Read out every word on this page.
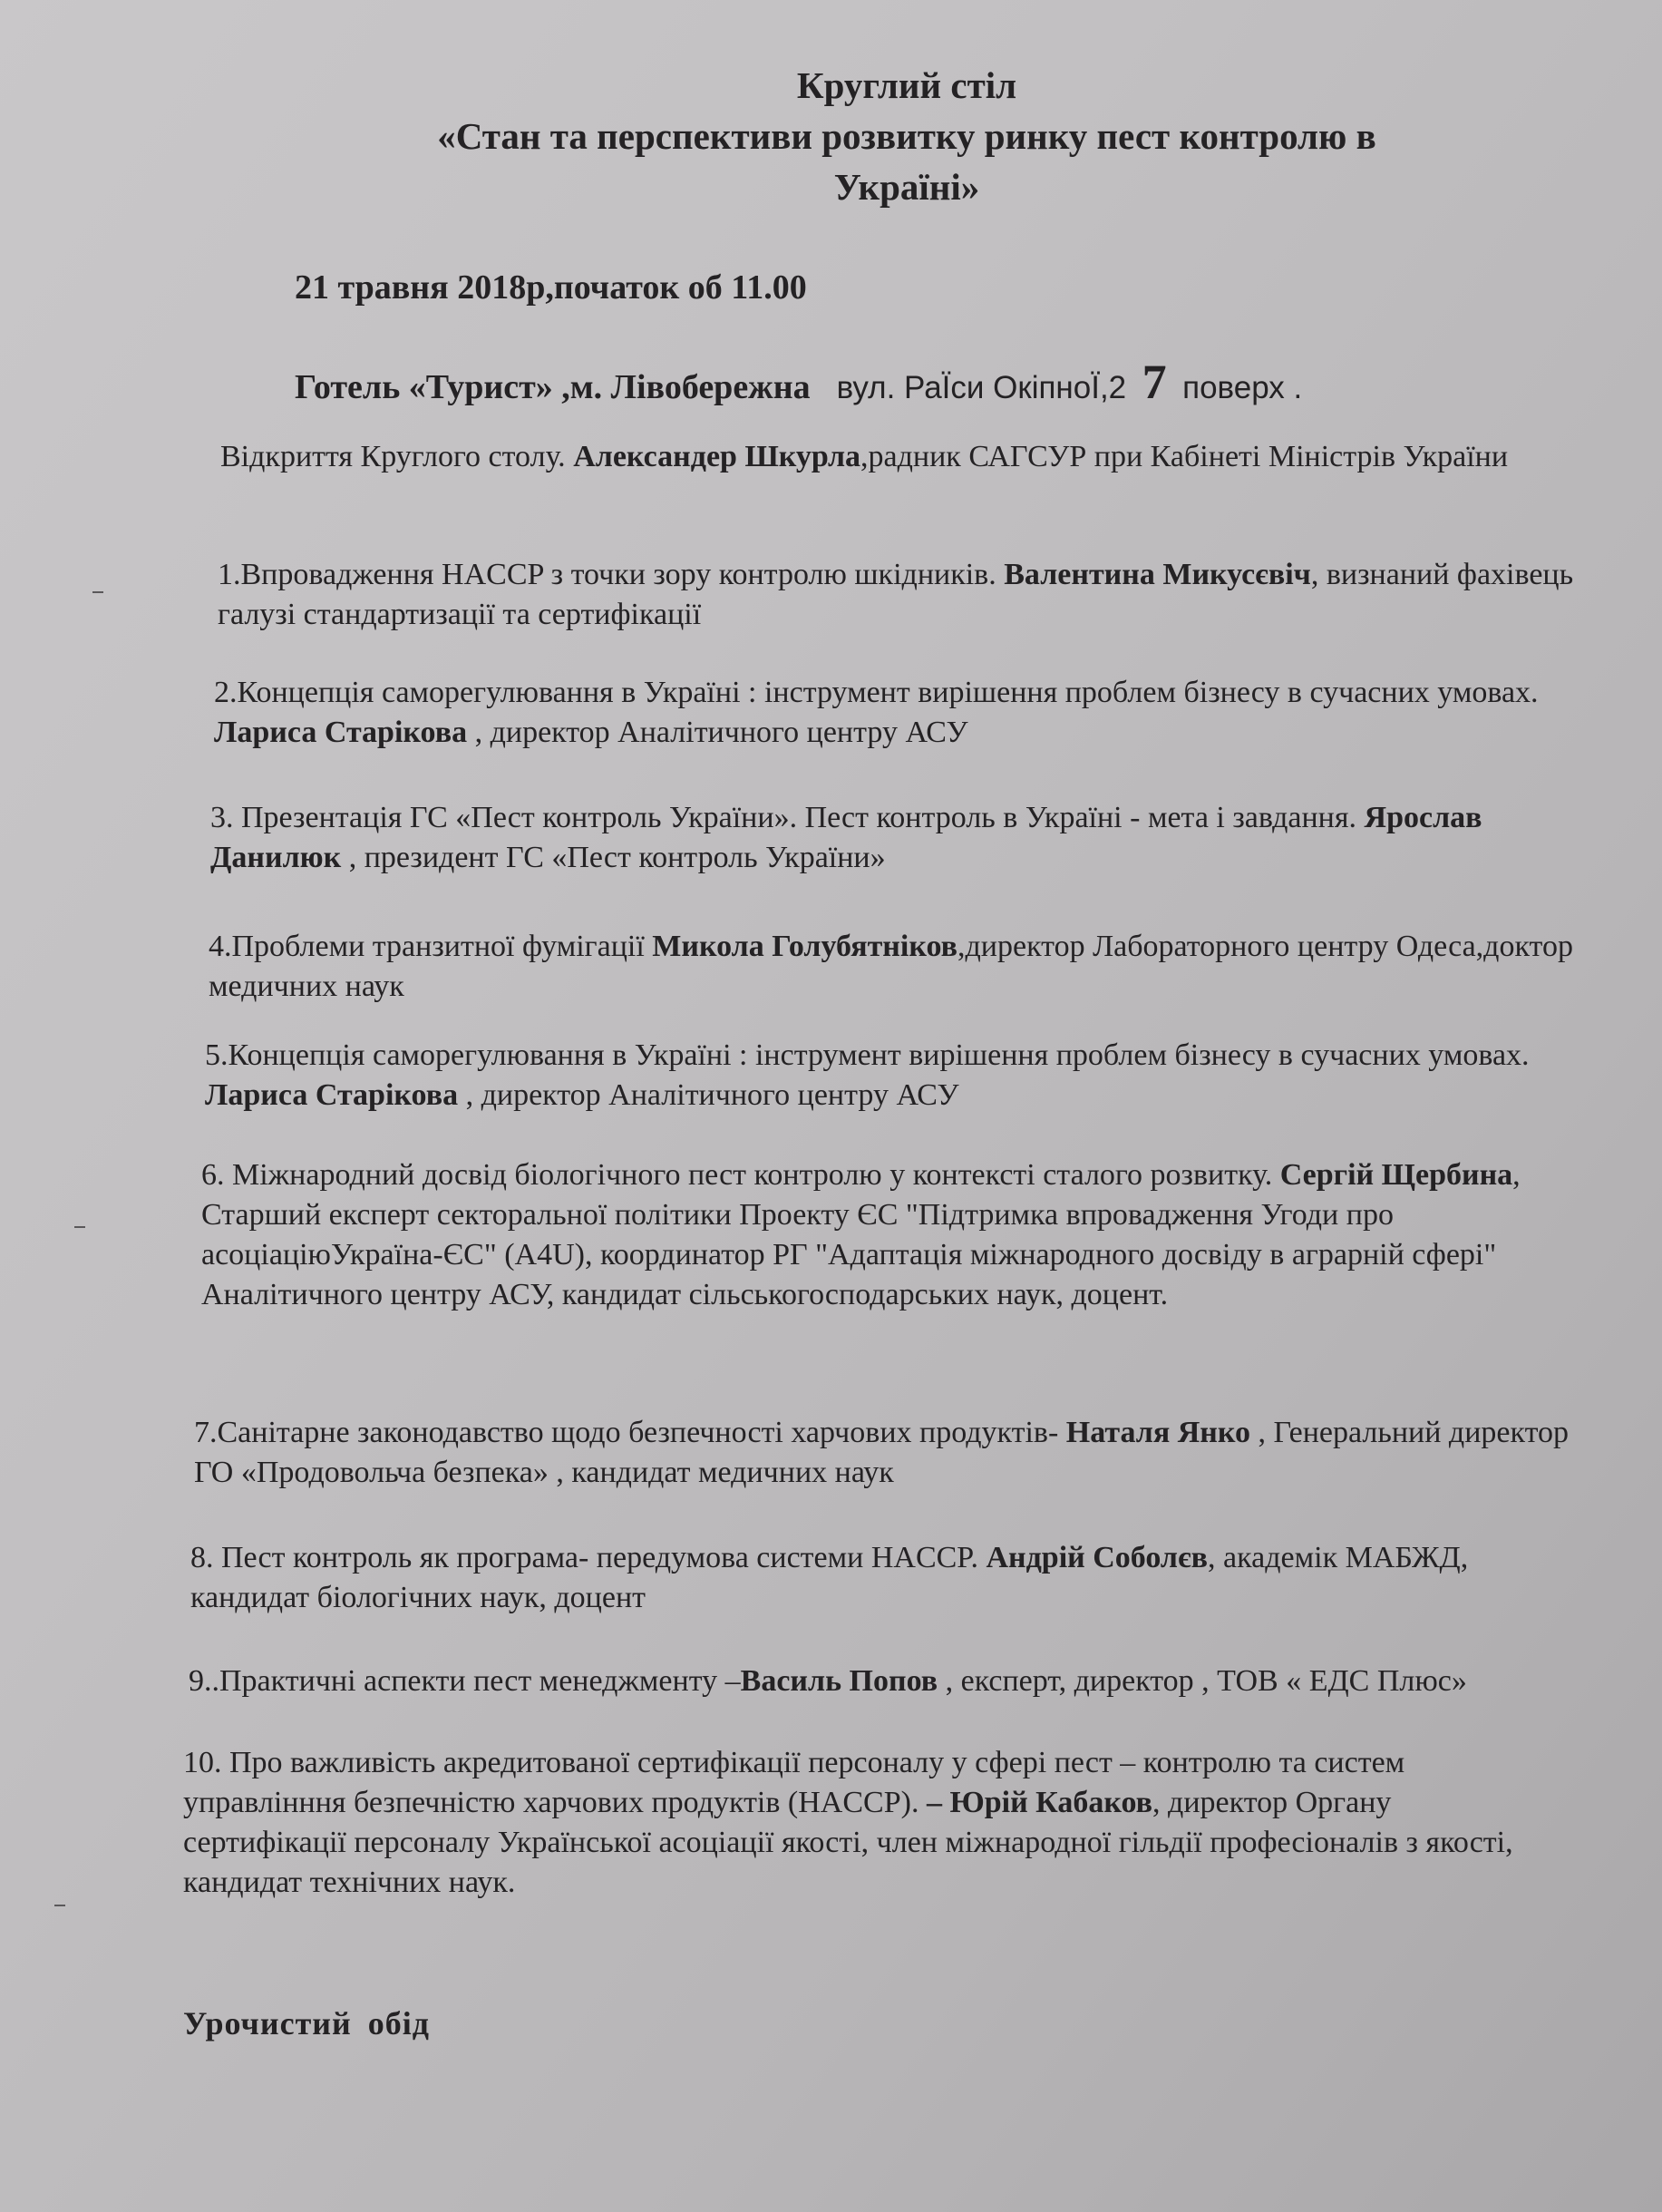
Круглий стіл
«Стан та перспективи розвитку ринку пест контролю в
Україні»
21 травня 2018р,початок об 11.00
Готель «Турист» ,м. Лівобережна вул. РаЇси ОкіпноЇ,2 7 поверх .
Відкриття Круглого столу. Александер Шкурла,радник САГСУР при Кабінеті Міністрів України
1.Впровадження HACCP з точки зору контролю шкідників. Валентина Микусєвіч, визнаний фахівець галузі стандартизації та сертифікації
2.Концепція саморегулювання в Україні : інструмент вирішення проблем бізнесу в сучасних умовах. Лариса Старікова , директор Аналітичного центру АСУ
3. Презентація ГС «Пест контроль України». Пест контроль в Україні - мета і завдання. Ярослав Данилюк , президент ГС «Пест контроль України»
4.Проблеми транзитної фумігації Микола Голубятніков,директор Лабораторного центру Одеса,доктор медичних наук
5.Концепція саморегулювання в Україні : інструмент вирішення проблем бізнесу в сучасних умовах. Лариса Старікова , директор Аналітичного центру АСУ
6. Міжнародний досвід біологічного пест контролю у контексті сталого розвитку. Сергій Щербина, Старший експерт секторальної політики Проекту ЄС "Підтримка впровадження Угоди про асоціаціюУкраїна-ЄС" (A4U), координатор РГ "Адаптація міжнародного досвіду в аграрній сфері" Аналітичного центру АСУ, кандидат сільськогосподарських наук, доцент.
7.Санітарне законодавство щодо безпечності харчових продуктів- Наталя Янко , Генеральний директор ГО «Продовольча безпека» , кандидат медичних наук
8. Пест контроль як програма- передумова системи HACCP. Андрій Соболєв, академік МАБЖД, кандидат біологічних наук, доцент
9..Практичні аспекти пест менеджменту –Василь Попов , експерт, директор , ТОВ « ЕДС Плюс»
10. Про важливість акредитованої сертифікації персоналу у сфері пест – контролю та систем управлінння безпечністю харчових продуктів (HACCP). – Юрій Кабаков, директор Органу сертифікації персоналу Української асоціації якості, член міжнародної гільдії професіоналів з якості, кандидат технічних наук.
Урочистий обід
